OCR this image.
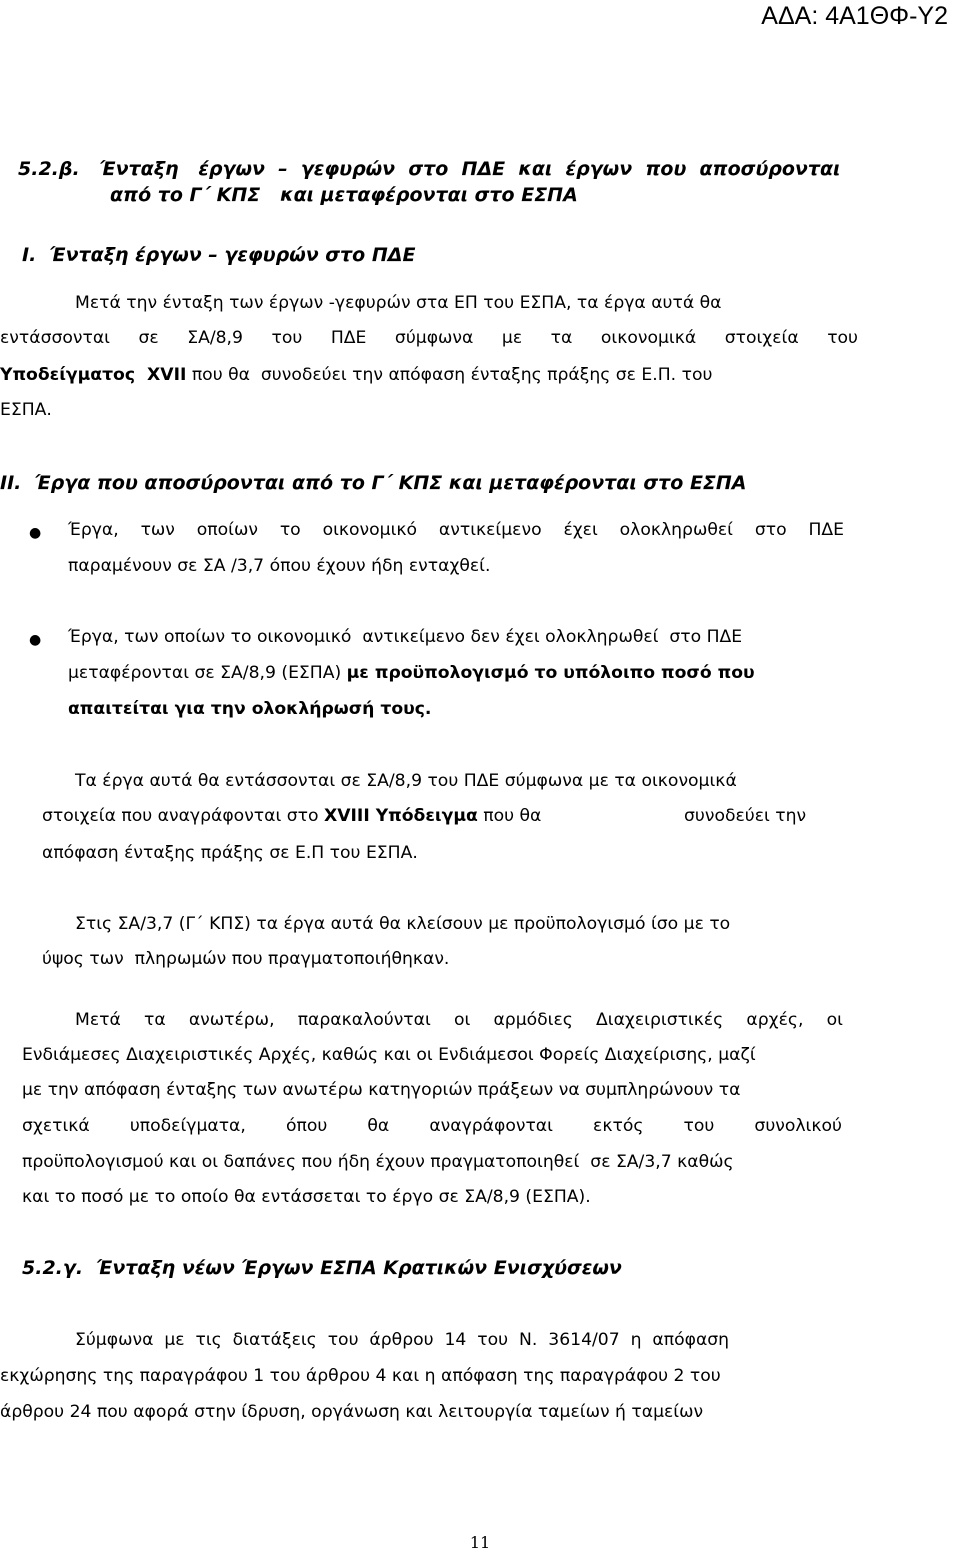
ΑΔΑ: 4Α1ΘΦ-Υ2
5.2.β.   Ένταξη   έργων  –  γεφυρών  στο  ΠΔΕ  και  έργων  που  αποσύρονται
από το Γ΄ ΚΠΣ   και μεταφέρονται στο ΕΣΠΑ
Ι.  Ένταξη έργων – γεφυρών στο ΠΔΕ
Μετά την ένταξη των έργων -γεφυρών στα ΕΠ του ΕΣΠΑ, τα έργα αυτά θα
εντάσσονται σε ΣΑ/8,9 του ΠΔΕ σύμφωνα με τα οικονομικά στοιχεία του
Υποδείγματος  ΧVΙΙ που θα  συνοδεύει την απόφαση ένταξης πράξης σε Ε.Π. του
ΕΣΠΑ.
ΙΙ.  Έργα που αποσύρονται από το Γ΄ ΚΠΣ και μεταφέρονται στο ΕΣΠΑ
● Έργα, των οποίων το οικονομικό αντικείμενο έχει ολοκληρωθεί στο ΠΔΕ
παραμένουν σε ΣΑ /3,7 όπου έχουν ήδη ενταχθεί.
● Έργα, των οποίων το οικονομικό  αντικείμενο δεν έχει ολοκληρωθεί  στο ΠΔΕ
μεταφέρονται σε ΣΑ/8,9 (ΕΣΠΑ) με προϋπολογισμό το υπόλοιπο ποσό που
απαιτείται για την ολοκλήρωσή τους.
Τα έργα αυτά θα εντάσσονται σε ΣΑ/8,9 του ΠΔΕ σύμφωνα με τα οικονομικά
στοιχεία που αναγράφονται στο XVIII Υπόδειγμα που θα	συνοδεύει την
απόφαση ένταξης πράξης σε Ε.Π του ΕΣΠΑ.
Στις ΣΑ/3,7 (Γ΄ ΚΠΣ) τα έργα αυτά θα κλείσουν με προϋπολογισμό ίσο με το
ύψος των  πληρωμών που πραγματοποιήθηκαν.
Μετά τα ανωτέρω, παρακαλούνται οι αρμόδιες Διαχειριστικές αρχές, οι
Ενδιάμεσες Διαχειριστικές Αρχές, καθώς και οι Ενδιάμεσοι Φορείς Διαχείρισης, μαζί
με την απόφαση ένταξης των ανωτέρω κατηγοριών πράξεων να συμπληρώνουν τα
σχετικά υποδείγματα, όπου θα αναγράφονται εκτός του συνολικού
προϋπολογισμού και οι δαπάνες που ήδη έχουν πραγματοποιηθεί  σε ΣΑ/3,7 καθώς
και το ποσό με το οποίο θα εντάσσεται το έργο σε ΣΑ/8,9 (ΕΣΠΑ).
5.2.γ.  Ένταξη νέων Έργων ΕΣΠΑ Κρατικών Ενισχύσεων
Σύμφωνα  με  τις  διατάξεις  του  άρθρου  14  του  Ν.  3614/07  η  απόφαση
εκχώρησης της παραγράφου 1 του άρθρου 4 και η απόφαση της παραγράφου 2 του
άρθρου 24 που αφορά στην ίδρυση, οργάνωση και λειτουργία ταμείων ή ταμείων
11
